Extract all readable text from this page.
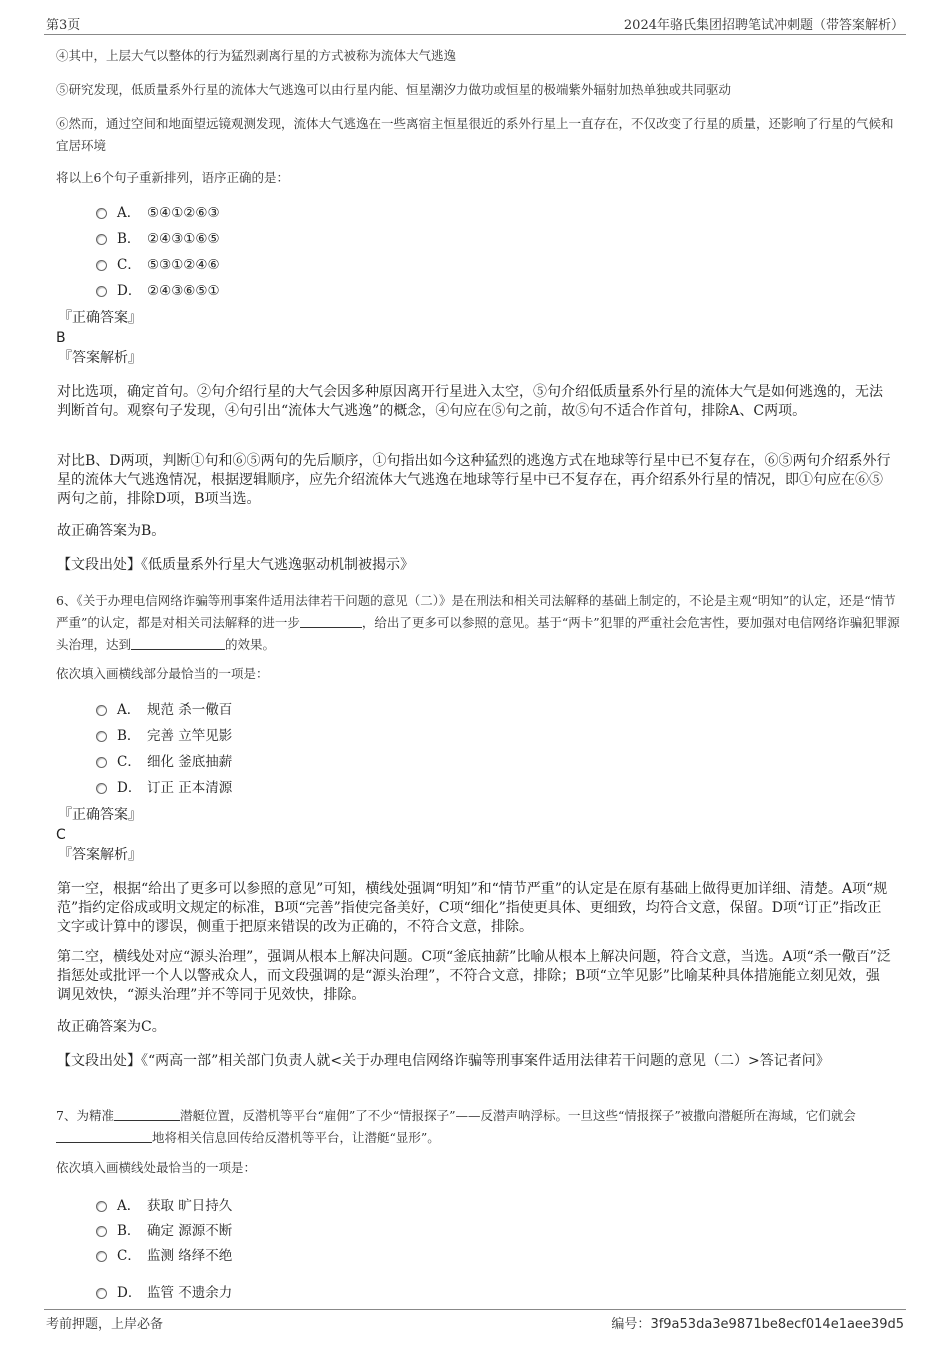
第3页	2024年骆氏集团招聘笔试冲刺题（带答案解析）
④其中，上层大气以整体的行为猛烈剥离行星的方式被称为流体大气逃逸
⑤研究发现，低质量系外行星的流体大气逃逸可以由行星内能、恒星潮汐力做功或恒星的极端紫外辐射加热单独或共同驱动
⑥然而，通过空间和地面望远镜观测发现，流体大气逃逸在一些离宿主恒星很近的系外行星上一直存在，不仅改变了行星的质量，还影响了行星的气候和宜居环境
将以上6个句子重新排列，语序正确的是：
A． ⑤④①②⑥③
B． ②④③①⑥⑤
C． ⑤③①②④⑥
D． ②④③⑥⑤①
『正确答案』
B
『答案解析』
对比选项，确定首句。②句介绍行星的大气会因多种原因离开行星进入太空，⑤句介绍低质量系外行星的流体大气是如何逃逸的，无法判断首句。观察句子发现，④句引出“流体大气逃逸”的概念，④句应在⑤句之前，故⑤句不适合作首句，排除A、C两项。
对比B、D两项，判断①句和⑥⑤两句的先后顺序，①句指出如今这种猛烈的逃逸方式在地球等行星中已不复存在，⑥⑤两句介绍系外行星的流体大气逃逸情况，根据逻辑顺序，应先介绍流体大气逃逸在地球等行星中已不复存在，再介绍系外行星的情况，即①句应在⑥⑤两句之前，排除D项，B项当选。
故正确答案为B。
【文段出处】《低质量系外行星大气逃逸驱动机制被揭示》
6、《关于办理电信网络诈骗等刑事案件适用法律若干问题的意见（二）》是在刑法和相关司法解释的基础上制定的，不论是主观“明知”的认定，还是“情节严重”的认定，都是对相关司法解释的进一步	，给出了更多可以参照的意见。基于“两卡”犯罪的严重社会危害性，要加强对电信网络诈骗犯罪源头治理，达到	的效果。
依次填入画横线部分最恰当的一项是：
A． 规范 杀一儆百
B． 完善 立竿见影
C． 细化 釜底抽薪
D． 订正 正本清源
『正确答案』
C
『答案解析』
第一空，根据“给出了更多可以参照的意见”可知，横线处强调“明知”和“情节严重”的认定是在原有基础上做得更加详细、清楚。A项“规范”指约定俗成或明文规定的标准，B项“完善”指使完备美好，C项“细化”指使更具体、更细致，均符合文意，保留。D项“订正”指改正文字或计算中的谬误，侧重于把原来错误的改为正确的，不符合文意，排除。
第二空，横线处对应“源头治理”，强调从根本上解决问题。C项“釜底抽薪”比喻从根本上解决问题，符合文意，当选。A项“杀一儆百”泛指惩处或批评一个人以警戒众人，而文段强调的是“源头治理”，不符合文意，排除；B项“立竿见影”比喻某种具体措施能立刻见效，强调见效快，“源头治理”并不等同于见效快，排除。
故正确答案为C。
【文段出处】《“两高一部”相关部门负责人就<关于办理电信网络诈骗等刑事案件适用法律若干问题的意见（二）>答记者问》
7、为精准	潜艇位置，反潜机等平台“雇佣”了不少“情报探子”——反潜声呐浮标。一旦这些“情报探子”被撒向潜艇所在海域，它们就会地将相关信息回传给反潜机等平台，让潜艇“显形”。
依次填入画横线处最恰当的一项是：
A． 获取 旷日持久
B． 确定 源源不断
C． 监测 络绎不绝
D． 监管 不遗余力
考前押题，上岸必备	编号：3f9a53da3e9871be8ecf014e1aee39d5
